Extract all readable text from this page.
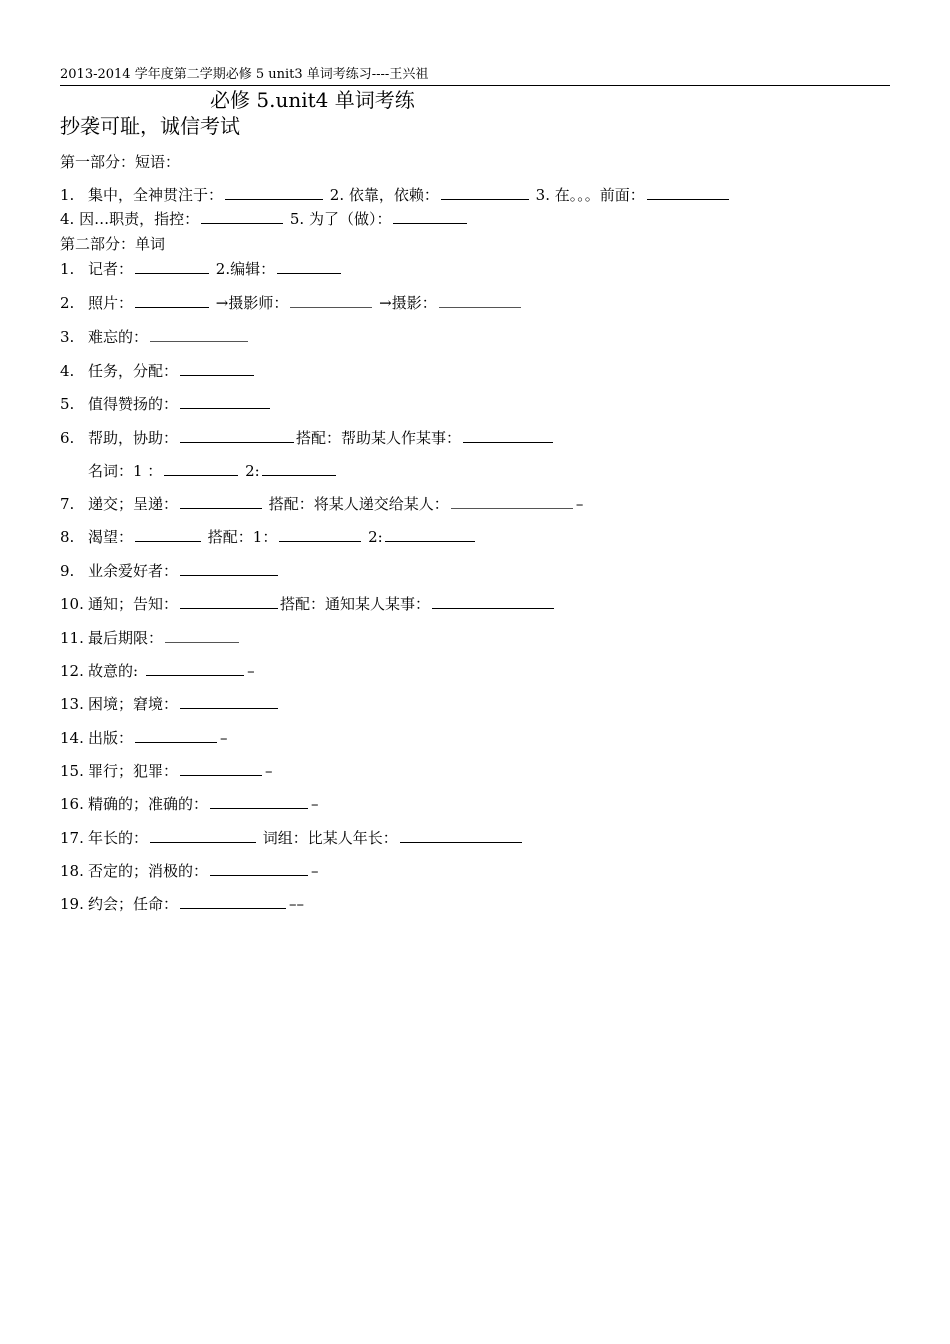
2013-2014 学年度第二学期必修 5 unit3 单词考练习----王兴祖
必修 5.unit4 单词考练
抄袭可耻，诚信考试
第一部分：短语：
1. 集中，全神贯注于：	2. 依靠，依赖：	3. 在。。。前面：
4. 因…职责，指控：	5. 为了（做）：
第二部分：单词
1. 记者：	2.编辑：
2. 照片：	→摄影师：	→摄影：
3. 难忘的：
4. 任务，分配：
5. 值得赞扬的：
6. 帮助，协助：	搭配：帮助某人作某事：
名词：1 ：	2:
7. 递交；呈递：	搭配：将某人递交给某人：	–
8. 渴望：	搭配：1：	2:
9. 业余爱好者：
10. 通知；告知：	搭配：通知某人某事：
11. 最后期限：
12. 故意的:	–
13. 困境；窘境：
14. 出版：	–
15. 罪行；犯罪：	–
16. 精确的；准确的：	–
17. 年长的：	词组：比某人年长：
18. 否定的；消极的：	–
19. 约会；任命：	––
